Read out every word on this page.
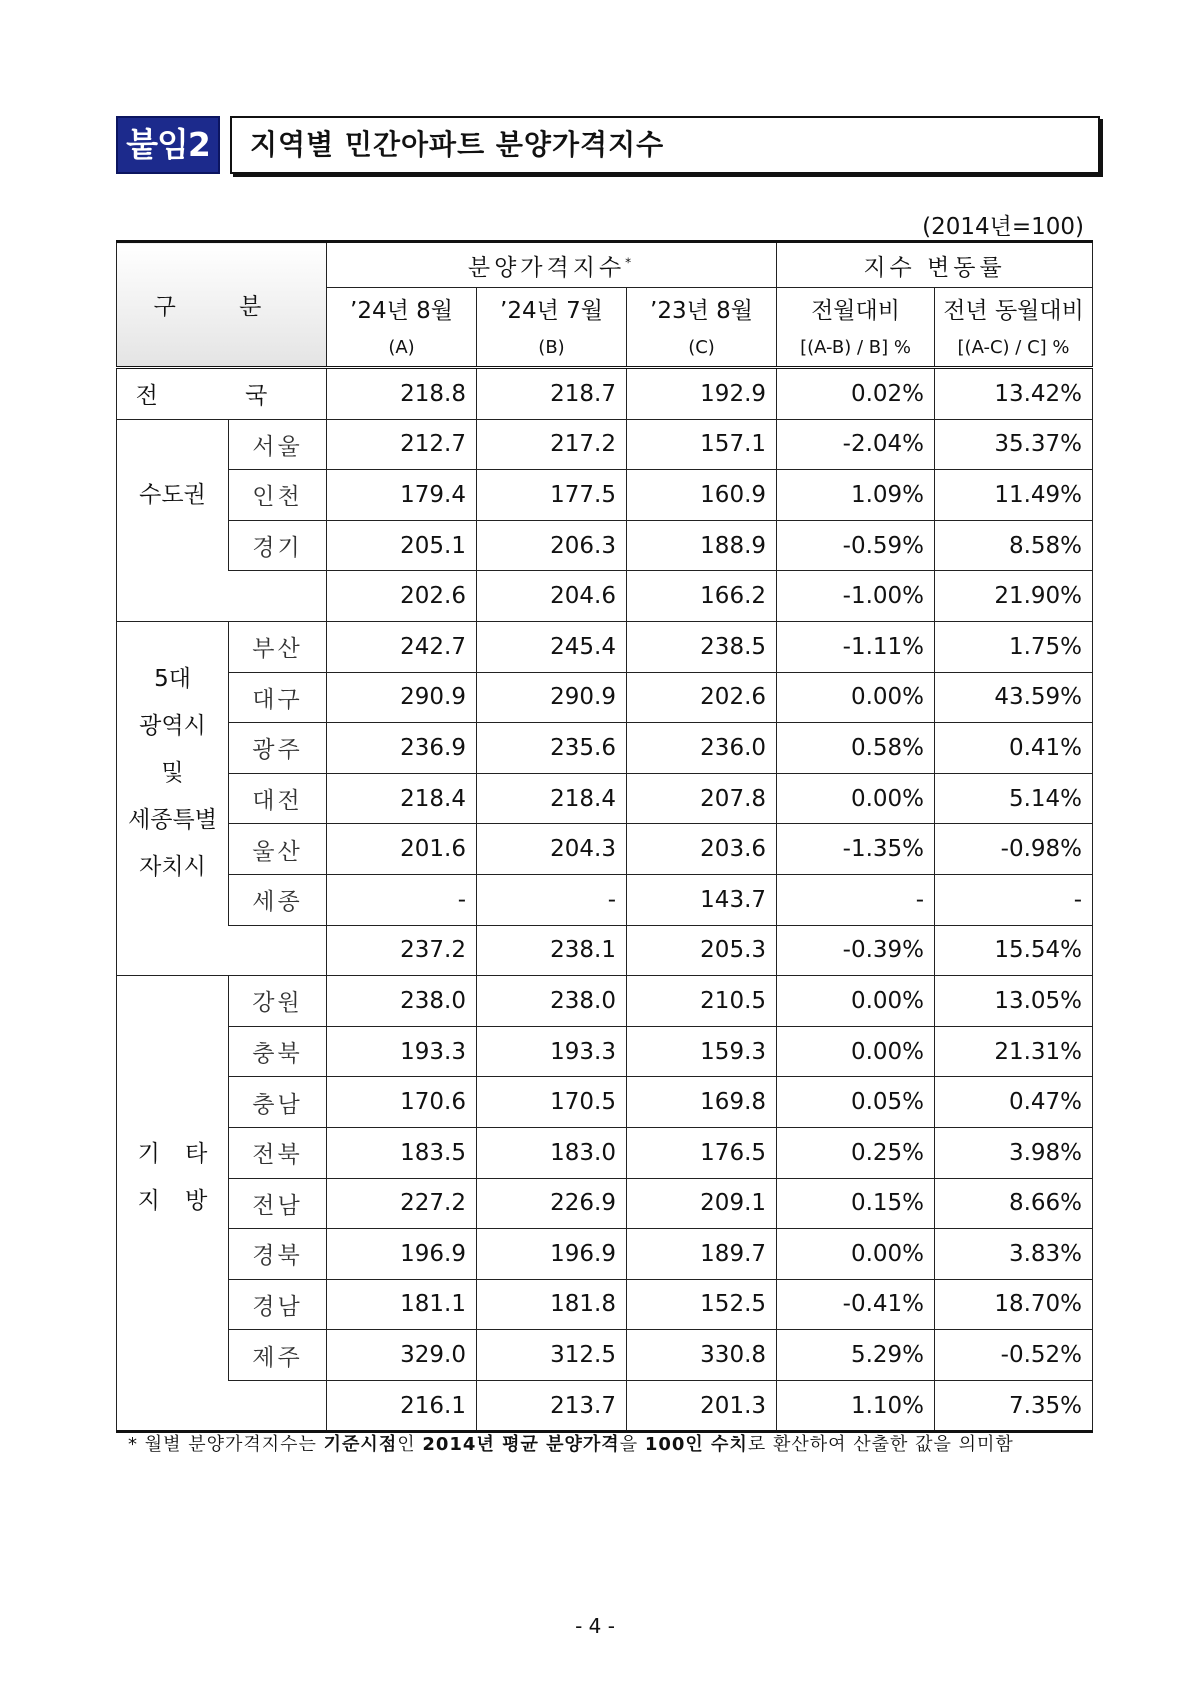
붙임2	지역별 민간아파트 분양가격지수
(2014년=100)
구 분		분양가격지수*			지수 변동률	
		’24년 8월	’24년 7월	’23년 8월	전월대비	전년 동월대비
		(A)	(B)	(C)	[(A-B) / B] %	[(A-C) / C] %
전 국		218.8	218.7	192.9	0.02%	13.42%

수도권	서울	212.7	217.2	157.1	-2.04%	35.37%
	인천	179.4	177.5	160.9	1.09%	11.49%
	경기	205.1	206.3	188.9	-0.59%	8.58%
		202.6	204.6	166.2	-1.00%	21.90%

5대
광역시
및
세종특별
자치시	부산	242.7	245.4	238.5	-1.11%	1.75%
	대구	290.9	290.9	202.6	0.00%	43.59%
	광주	236.9	235.6	236.0	0.58%	0.41%
	대전	218.4	218.4	207.8	0.00%	5.14%
	울산	201.6	204.3	203.6	-1.35%	-0.98%
	세종	-	-	143.7	-	-
		237.2	238.1	205.3	-0.39%	15.54%

기 타
지 방	강원	238.0	238.0	210.5	0.00%	13.05%
	충북	193.3	193.3	159.3	0.00%	21.31%
	충남	170.6	170.5	169.8	0.05%	0.47%
	전북	183.5	183.0	176.5	0.25%	3.98%
	전남	227.2	226.9	209.1	0.15%	8.66%
	경북	196.9	196.9	189.7	0.00%	3.83%
	경남	181.1	181.8	152.5	-0.41%	18.70%
	제주	329.0	312.5	330.8	5.29%	-0.52%
		216.1	213.7	201.3	1.10%	7.35%
* 월별 분양가격지수는 기준시점인 2014년 평균 분양가격을 100인 수치로 환산하여 산출한 값을 의미함
- 4 -
